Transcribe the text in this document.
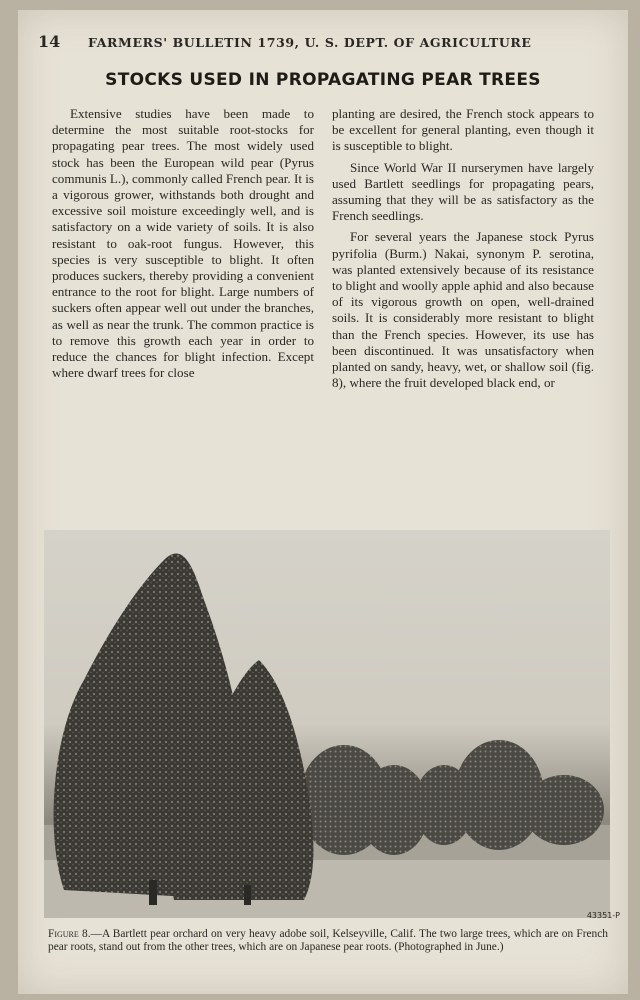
14	FARMERS' BULLETIN 1739, U. S. DEPT. OF AGRICULTURE
STOCKS USED IN PROPAGATING PEAR TREES

Extensive studies have been made to determine the most suitable root-stocks for propagating pear trees. The most widely used stock has been the European wild pear (Pyrus communis L.), commonly called French pear. It is a vigorous grower, withstands both drought and excessive soil moisture exceedingly well, and is satisfactory on a wide variety of soils. It is also resistant to oak-root fungus. However, this species is very susceptible to blight. It often produces suckers, thereby providing a convenient entrance to the root for blight. Large numbers of suckers often appear well out under the branches, as well as near the trunk. The common practice is to remove this growth each year in order to reduce the chances for blight infection. Except where dwarf trees for close

planting are desired, the French stock appears to be excellent for general planting, even though it is susceptible to blight.

Since World War II nurserymen have largely used Bartlett seedlings for propagating pears, assuming that they will be as satisfactory as the French seedlings.

For several years the Japanese stock Pyrus pyrifolia (Burm.) Nakai, synonym P. serotina, was planted extensively because of its resistance to blight and woolly apple aphid and also because of its vigorous growth on open, well-drained soils. It is considerably more resistant to blight than the French species. However, its use has been discontinued. It was unsatisfactory when planted on sandy, heavy, wet, or shallow soil (fig. 8), where the fruit developed black end, or

43351-P
Figure 8.—A Bartlett pear orchard on very heavy adobe soil, Kelseyville, Calif. The two large trees, which are on French pear roots, stand out from the other trees, which are on Japanese pear roots. (Photographed in June.)
